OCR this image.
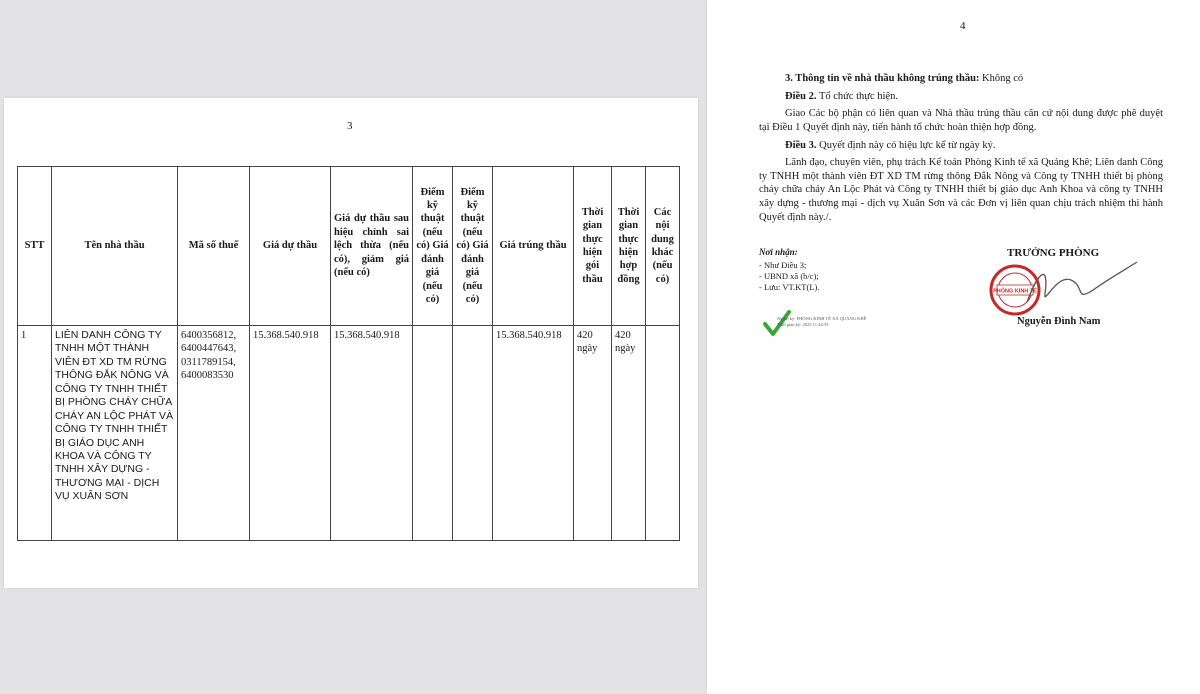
3
STT	Tên nhà thầu	Mã số thuế	Giá dự thầu	Giá dự thầu sau hiệu chỉnh sai lệch thừa (nếu có), giảm giá (nếu có)	Điểm kỹ thuật (nếu có) Giá đánh giá (nếu có)	Điểm kỹ thuật (nếu có) Giá đánh giá (nếu có)	Giá trúng thầu	Thời gian thực hiện gói thầu	Thời gian thực hiện hợp đồng	Các nội dung khác (nếu có)
1	LIÊN DANH CÔNG TY TNHH MỘT THÀNH VIÊN ĐT XD TM RỪNG THÔNG ĐẮK NÔNG VÀ CÔNG TY TNHH THIẾT BỊ PHÒNG CHÁY CHỮA CHÁY AN LỘC PHÁT VÀ CÔNG TY TNHH THIẾT BỊ GIÁO DỤC ANH KHOA VÀ CÔNG TY TNHH XÂY DỰNG - THƯƠNG MẠI - DỊCH VỤ XUÂN SƠN	6400356812, 6400447643, 0311789154, 6400083530	15.368.540.918	15.368.540.918			15.368.540.918	420 ngày	420 ngày	
4

3. Thông tin về nhà thầu không trúng thầu: Không có

Điều 2. Tổ chức thực hiện.

Giao Các bộ phận có liên quan và Nhà thầu trúng thầu căn cứ nội dung được phê duyệt tại Điều 1 Quyết định này, tiến hành tổ chức hoàn thiện hợp đồng.

Điều 3. Quyết định này có hiệu lực kể từ ngày ký.

Lãnh đạo, chuyên viên, phụ trách Kế toán Phòng Kinh tế xã Quảng Khê; Liên danh Công ty TNHH một thành viên ĐT XD TM rừng thông Đắk Nông và Công ty TNHH thiết bị phòng cháy chữa cháy An Lộc Phát và Công ty TNHH thiết bị giáo dục Anh Khoa và công ty TNHH xây dựng - thương mại - dịch vụ Xuân Sơn và các Đơn vị liên quan chịu trách nhiệm thi hành Quyết định này./.

Nơi nhận:
- Như Điều 3;
- UBND xã (b/c);
- Lưu: VT.KT(L).
TRƯỞNG PHÒNG
PHÒNG KINH TẾ
Nguyễn Đình Nam
Người ký: PHÒNG KINH TẾ XÃ QUẢNG KHÊ
Thời gian ký: 2025 11:44:35
